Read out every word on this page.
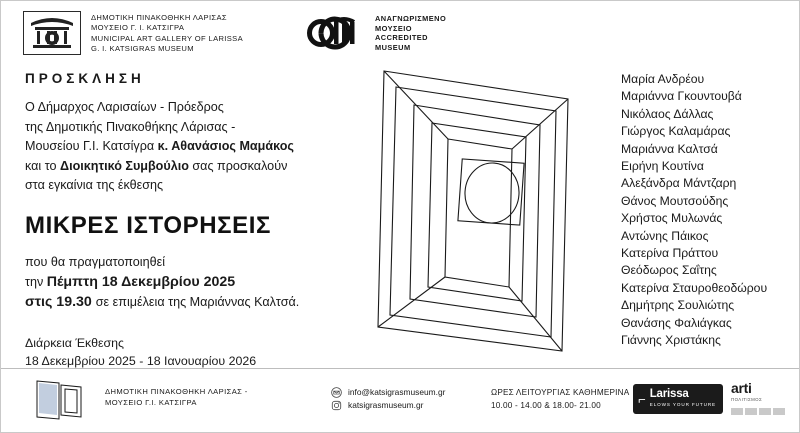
ΔΗΜΟΤΙΚΗ ΠΙΝΑΚΟΘΗΚΗ ΛΑΡΙΣΑΣ
ΜΟΥΣΕΙΟ Γ. Ι. ΚΑΤΣΙΓΡΑ
MUNICIPAL ART GALLERY OF LARISSA
G. I. KATSIGRAS MUSEUM
ΑΝΑΓΝΩΡΙΣΜΕΝΟ
ΜΟΥΣΕΙΟ
ACCREDITED
MUSEUM
ΠΡΟΣΚΛΗΣΗ

Ο Δήμαρχος Λαρισαίων - Πρόεδρος

της Δημοτικής Πινακοθήκης Λάρισας -

Μουσείου Γ.Ι. Κατσίγρα κ. Αθανάσιος Μαμάκος

και το Διοικητικό Συμβούλιο σας προσκαλούν

στα εγκαίνια της έκθεσης

ΜΙΚΡΕΣ ΙΣΤΟΡΗΣΕΙΣ
που θα πραγματοποιηθεί
την Πέμπτη 18 Δεκεμβρίου 2025
στις 19.30 σε επιμέλεια της Μαριάννας Καλτσά.
Διάρκεια Έκθεσης
18 Δεκεμβρίου 2025 - 18 Ιανουαρίου 2026
Μαρία Ανδρέου
Μαριάννα Γκουντουβά
Νικόλαος Δάλλας
Γιώργος Καλαμάρας
Μαριάννα Καλτσά
Ειρήνη Κουτίνα
Αλεξάνδρα Μάντζαρη
Θάνος Μουτσούδης
Χρήστος Μυλωνάς
Αντώνης Πάικος
Κατερίνα Πράττου
Θεόδωρος Σαΐτης
Κατερίνα Σταυροθεοδώρου
Δημήτρης Σουλιώτης
Θανάσης Φαλιάγκας
Γιάννης Χριστάκης
ΔΗΜΟΤΙΚΗ ΠΙΝΑΚΟΘΗΚΗ ΛΑΡΙΣΑΣ -
ΜΟΥΣΕΙΟ Γ.Ι. ΚΑΤΣΙΓΡΑ
info@katsigrasmuseum.gr
katsigrasmuseum.gr
ΩΡΕΣ ΛΕΙΤΟΥΡΓΙΑΣ ΚΑΘΗΜΕΡΙΝΑ
10.00 - 14.00 & 18.00- 21.00	⌐ Larissa
ELOWS YOUR FUTURE
arti
ΠΟΛΙΤΙΣΜΟΣ
